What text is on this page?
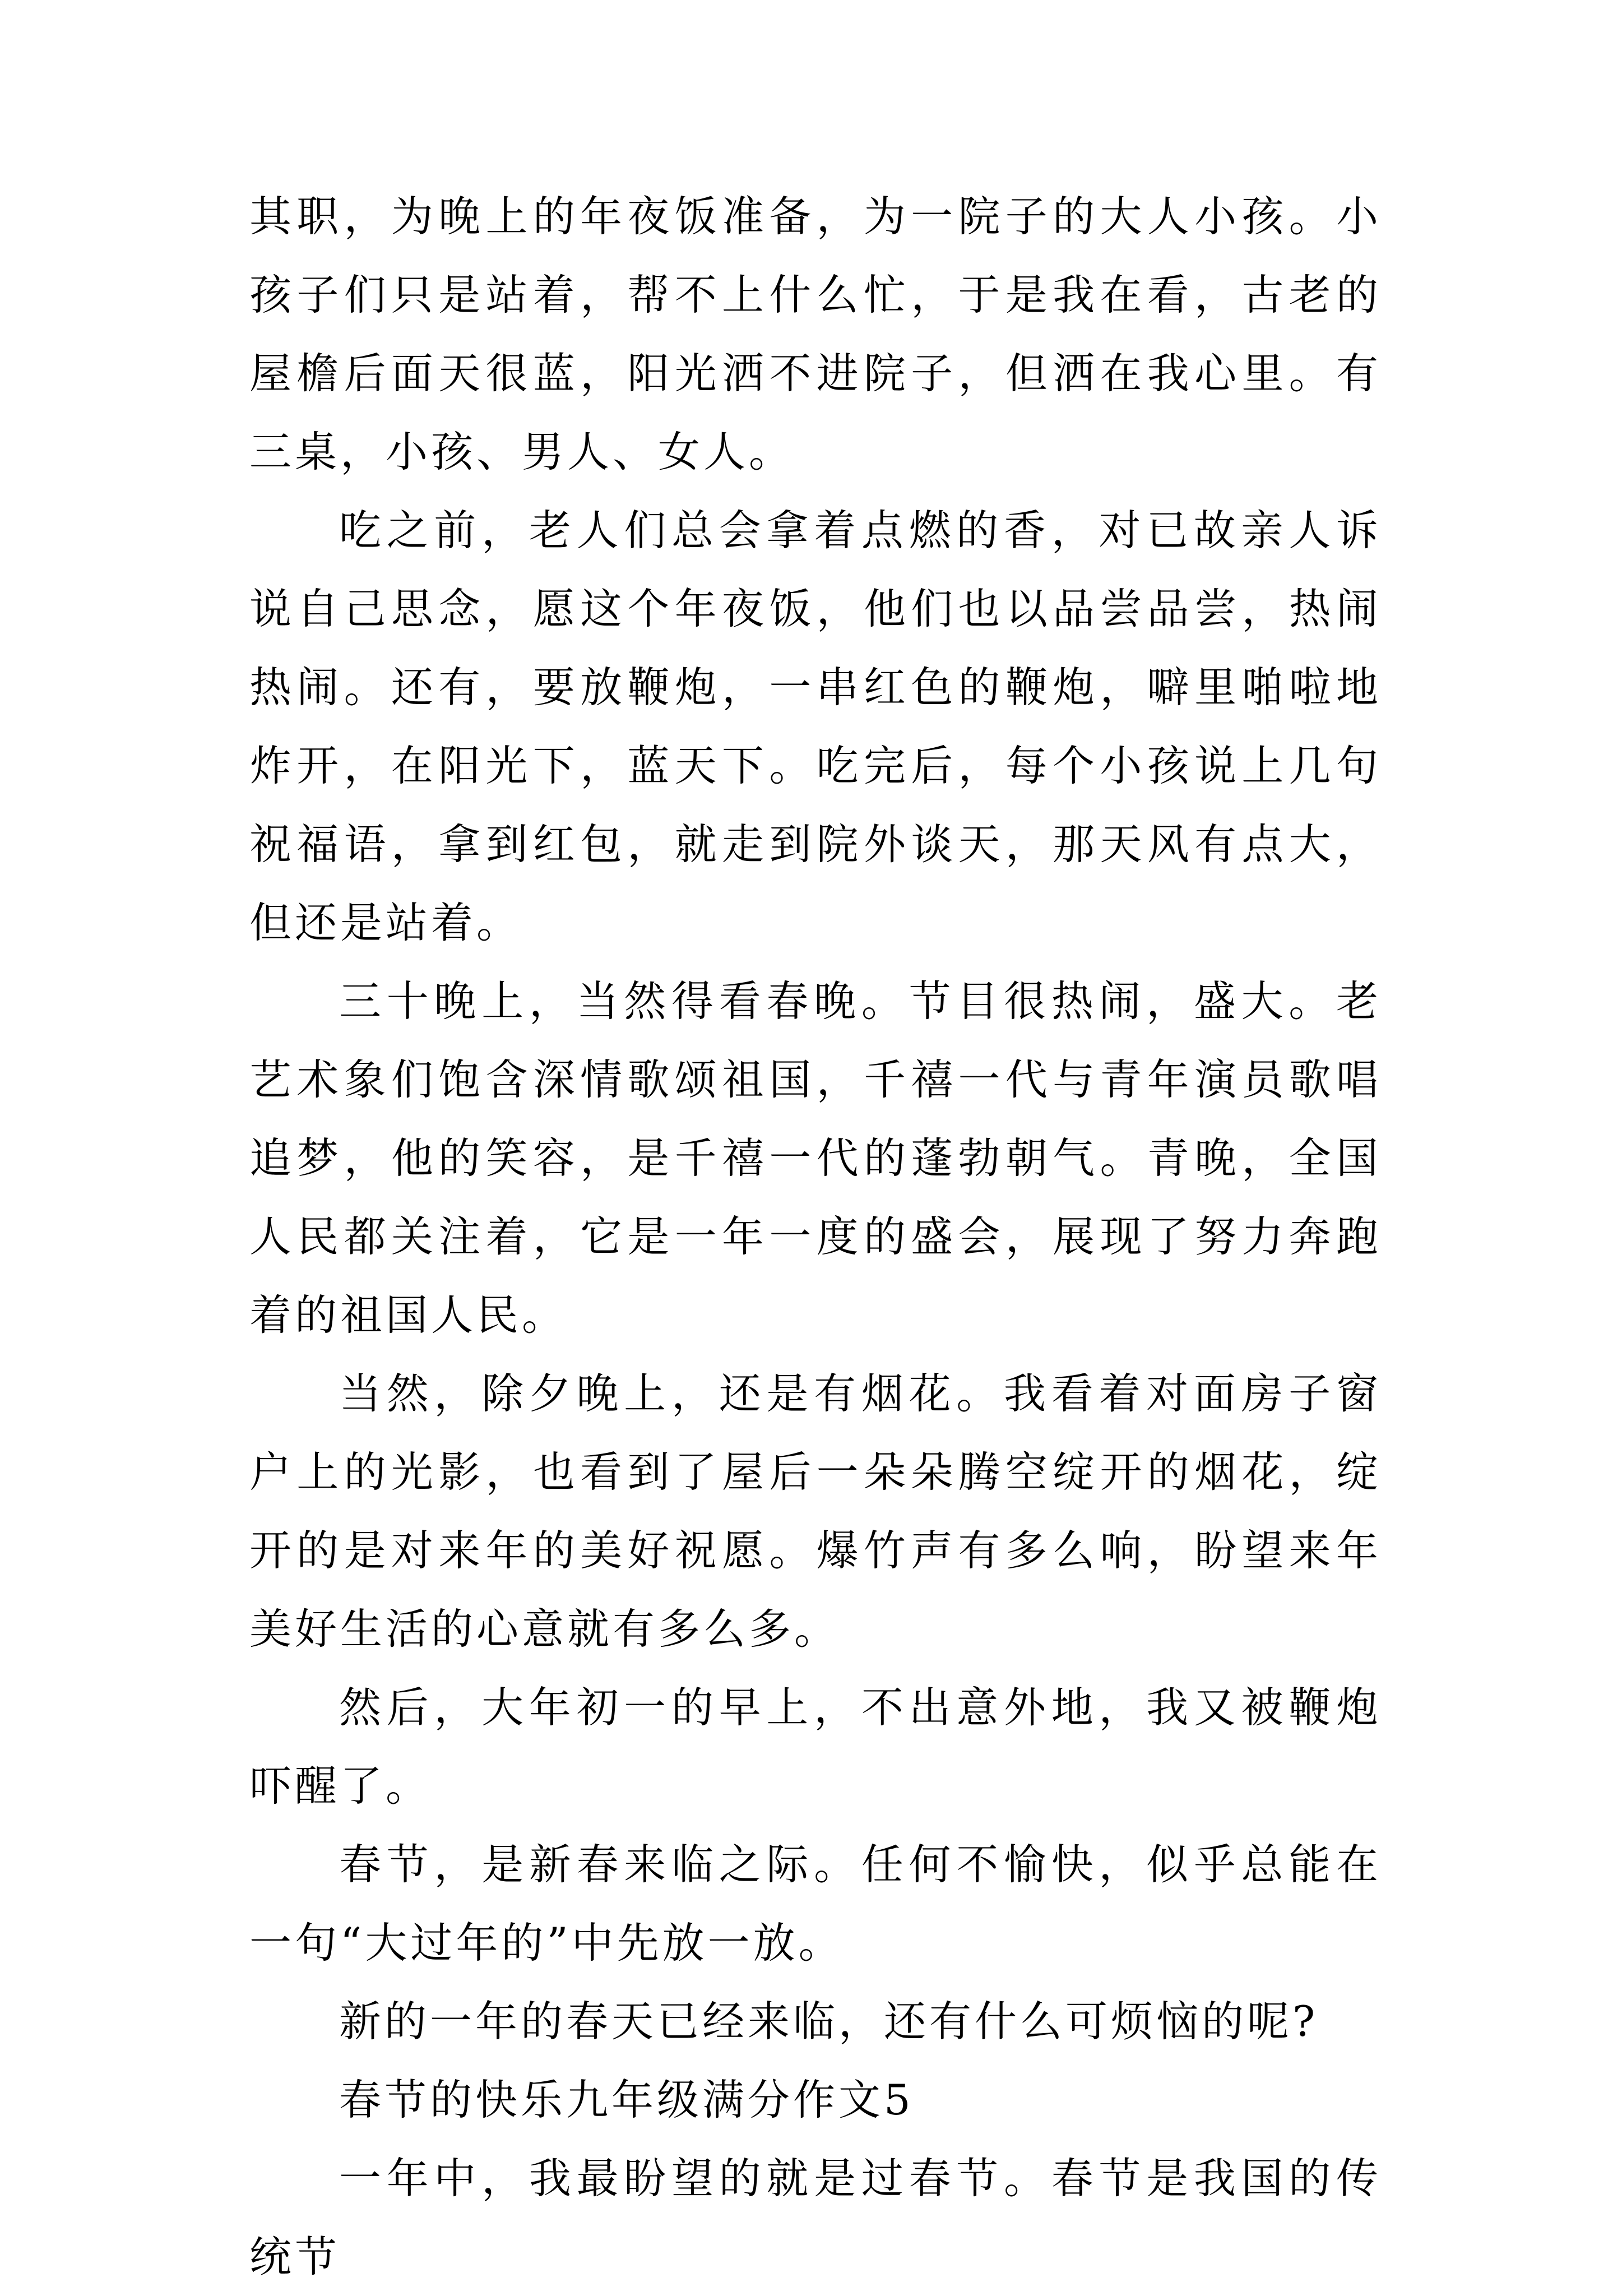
其职，为晚上的年夜饭准备，为一院子的大人小孩。小孩子们只是站着，帮不上什么忙，于是我在看，古老的屋檐后面天很蓝，阳光洒不进院子，但洒在我心里。有三桌，小孩、男人、女人。

吃之前，老人们总会拿着点燃的香，对已故亲人诉说自己思念，愿这个年夜饭，他们也以品尝品尝，热闹热闹。还有，要放鞭炮，一串红色的鞭炮，噼里啪啦地炸开，在阳光下，蓝天下。吃完后，每个小孩说上几句祝福语，拿到红包，就走到院外谈天，那天风有点大，但还是站着。

三十晚上，当然得看春晚。节目很热闹，盛大。老艺术象们饱含深情歌颂祖国，千禧一代与青年演员歌唱追梦，他的笑容，是千禧一代的蓬勃朝气。青晚，全国人民都关注着，它是一年一度的盛会，展现了努力奔跑着的祖国人民。

当然，除夕晚上，还是有烟花。我看着对面房子窗户上的光影，也看到了屋后一朵朵腾空绽开的烟花，绽开的是对来年的美好祝愿。爆竹声有多么响，盼望来年美好生活的心意就有多么多。

然后，大年初一的早上，不出意外地，我又被鞭炮吓醒了。

春节，是新春来临之际。任何不愉快，似乎总能在一句“大过年的”中先放一放。

新的一年的春天已经来临，还有什么可烦恼的呢?

春节的快乐九年级满分作文5

一年中，我最盼望的就是过春节。春节是我国的传统节
